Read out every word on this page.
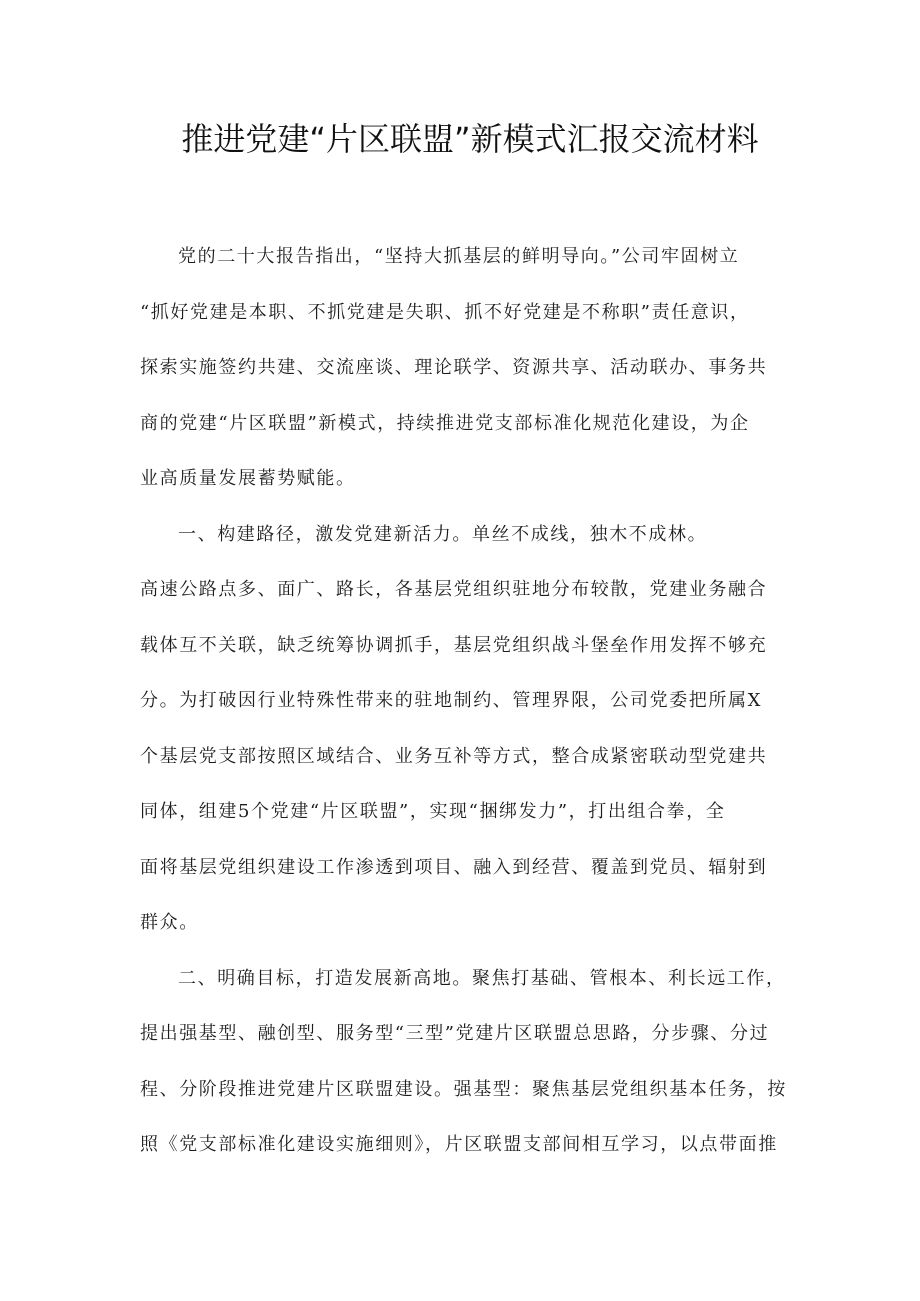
推进党建“片区联盟”新模式汇报交流材料
党的二十大报告指出，“坚持大抓基层的鲜明导向。”公司牢固树立
“抓好党建是本职、不抓党建是失职、抓不好党建是不称职”责任意识，
探索实施签约共建、交流座谈、理论联学、资源共享、活动联办、事务共
商的党建“片区联盟”新模式，持续推进党支部标准化规范化建设，为企
业高质量发展蓄势赋能。
一、构建路径，激发党建新活力。单丝不成线，独木不成林。
高速公路点多、面广、路长，各基层党组织驻地分布较散，党建业务融合
载体互不关联，缺乏统筹协调抓手，基层党组织战斗堡垒作用发挥不够充
分。为打破因行业特殊性带来的驻地制约、管理界限，公司党委把所属X
个基层党支部按照区域结合、业务互补等方式，整合成紧密联动型党建共
同体，组建5个党建“片区联盟”，实现“捆绑发力”，打出组合拳，全
面将基层党组织建设工作渗透到项目、融入到经营、覆盖到党员、辐射到
群众。
二、明确目标，打造发展新高地。聚焦打基础、管根本、利长远工作，
提出强基型、融创型、服务型“三型”党建片区联盟总思路，分步骤、分过
程、分阶段推进党建片区联盟建设。强基型：聚焦基层党组织基本任务，按
照《党支部标准化建设实施细则》，片区联盟支部间相互学习，以点带面推
